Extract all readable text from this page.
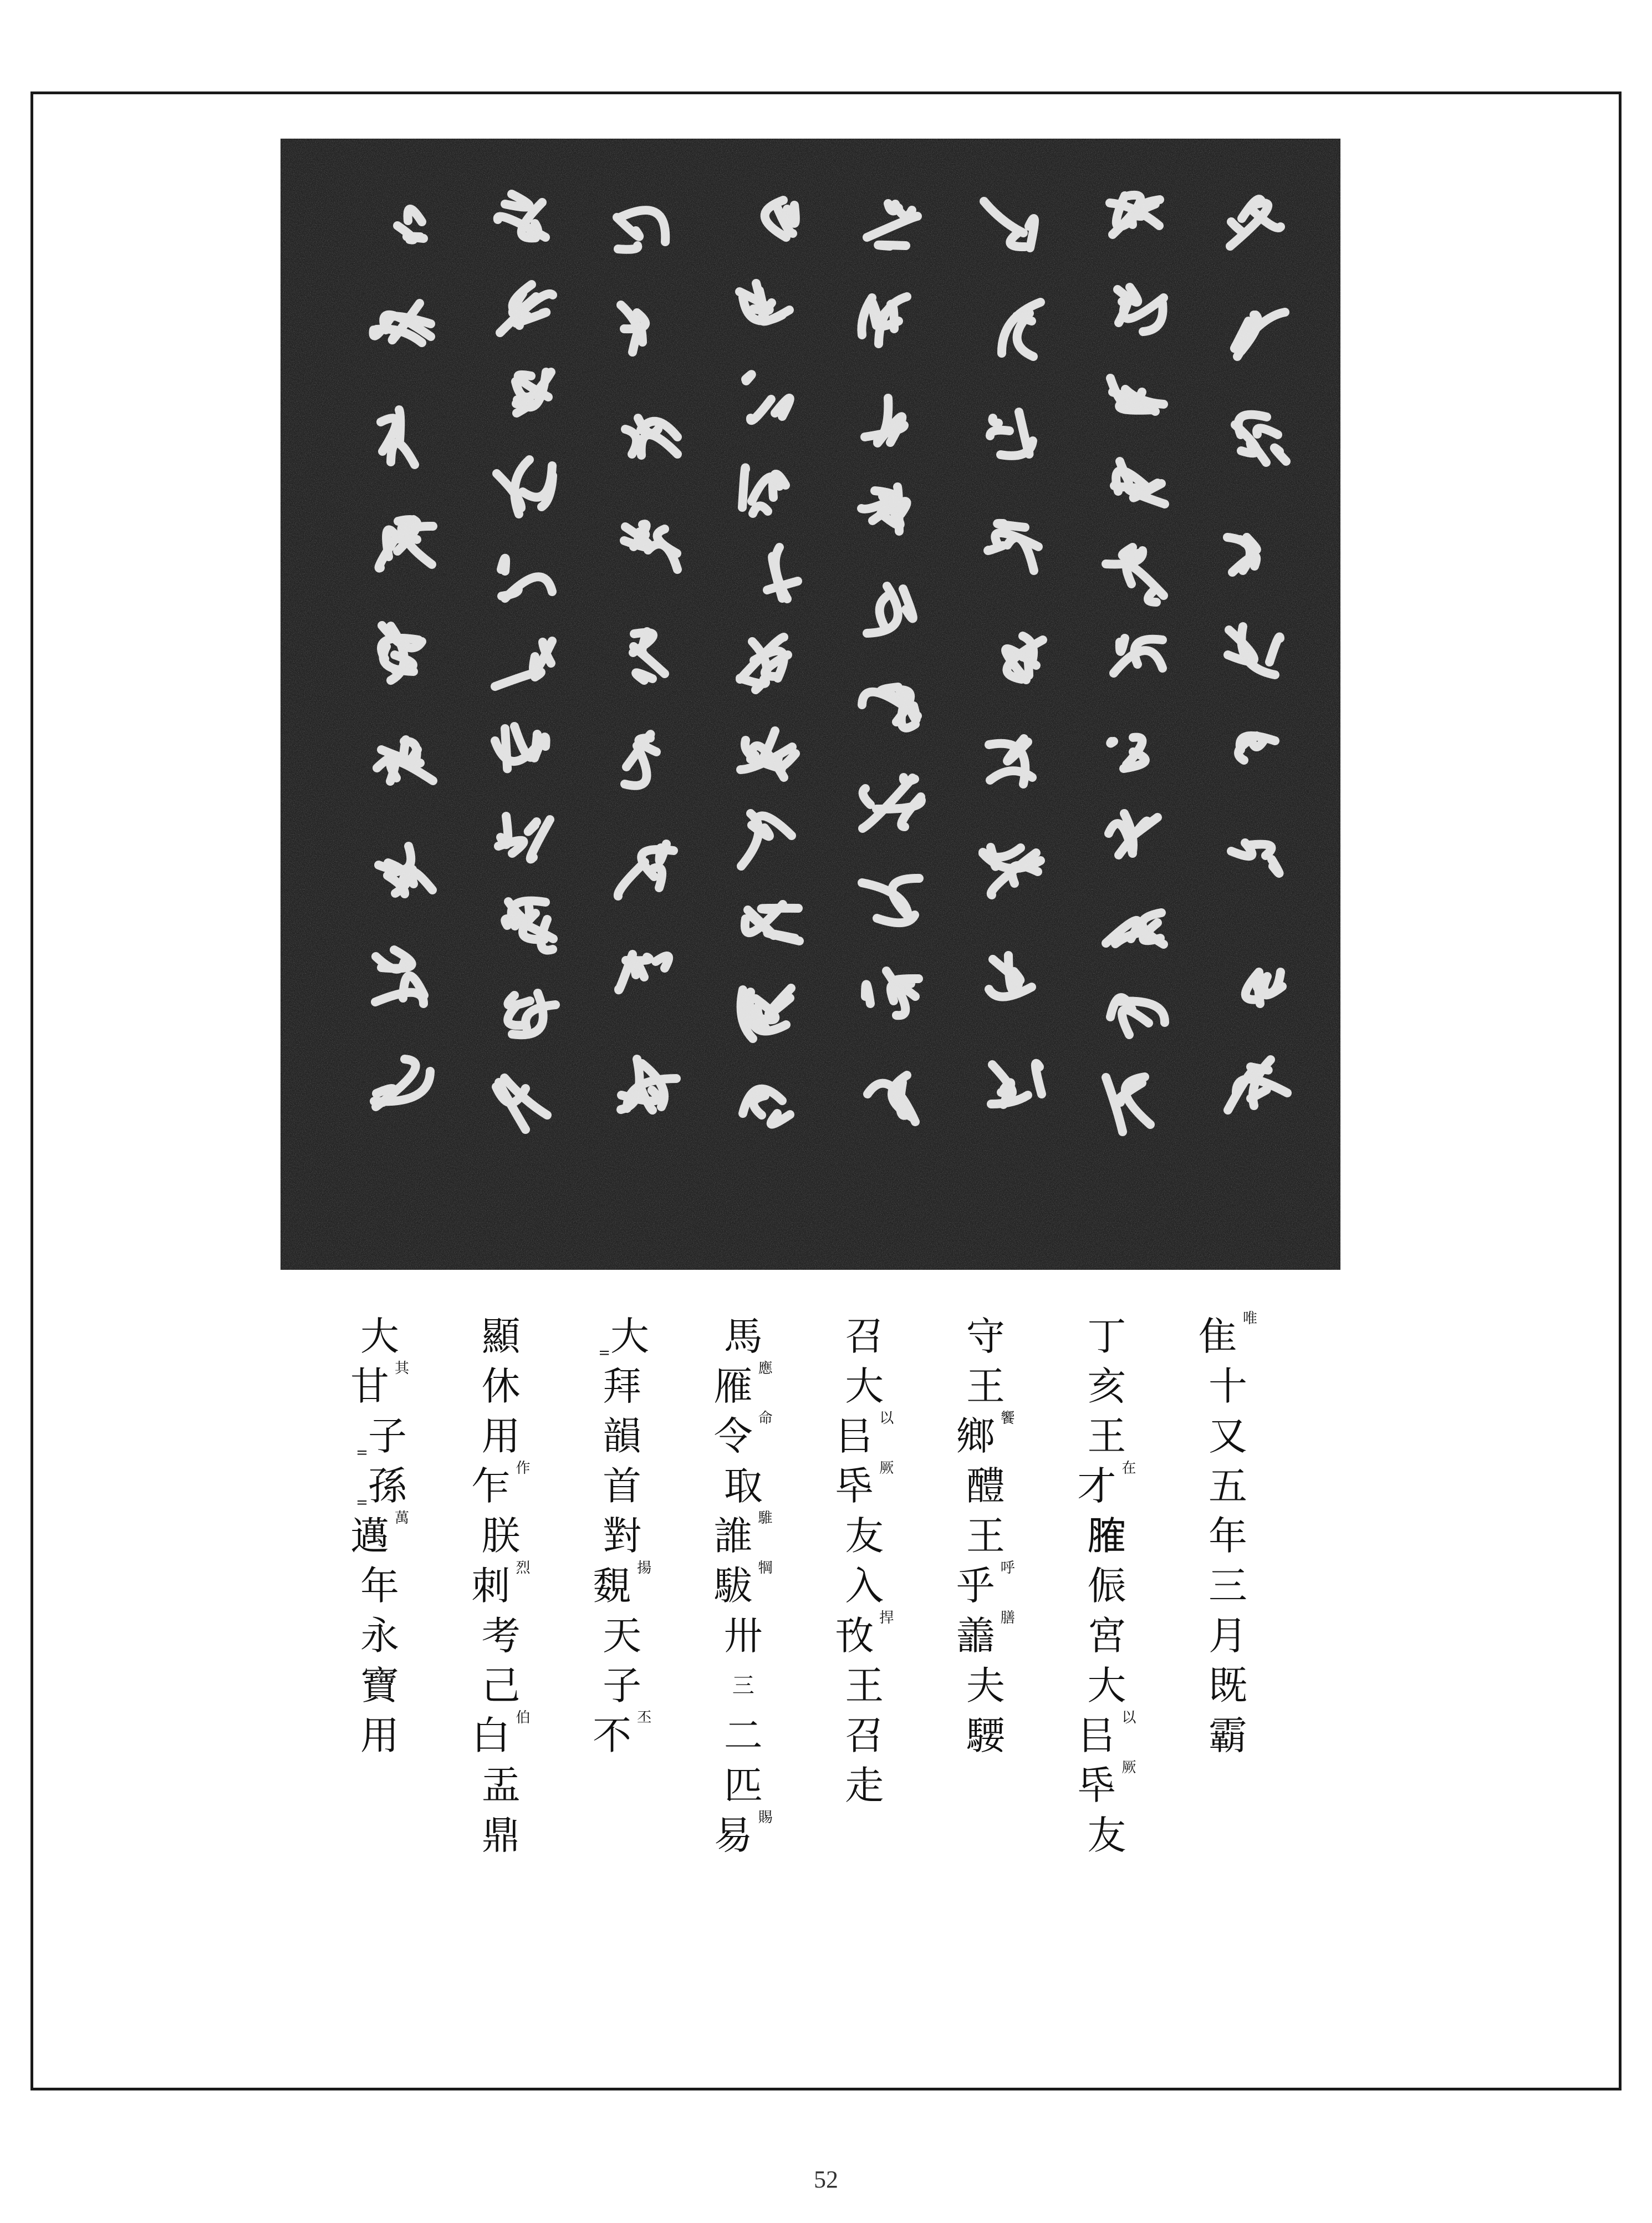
隹 唯
十
又
五
年
三
月
既
霸
丁
亥
王
才 在
𦞦
侲
宮
大
㠯 以
氒 厥
友
守
王
鄉 饗
醴
王
乎 呼
譱 膳
夫
騕
召
大
㠯 以
氒 厥
友
入
攼 捍
王
召
走
馬
雁 應
令 命
取
誰 騅
䮂 犅
卅
三
二
匹
易 賜
= 大
拜
韻
首
對
覣 揚
天
子
不 丕
顯
休
用
乍 作
朕
刺 烈
考
己
白 伯
盂
鼎
大
甘 其
= 子
= 孫
邁 萬
年
永
寶
用
52
